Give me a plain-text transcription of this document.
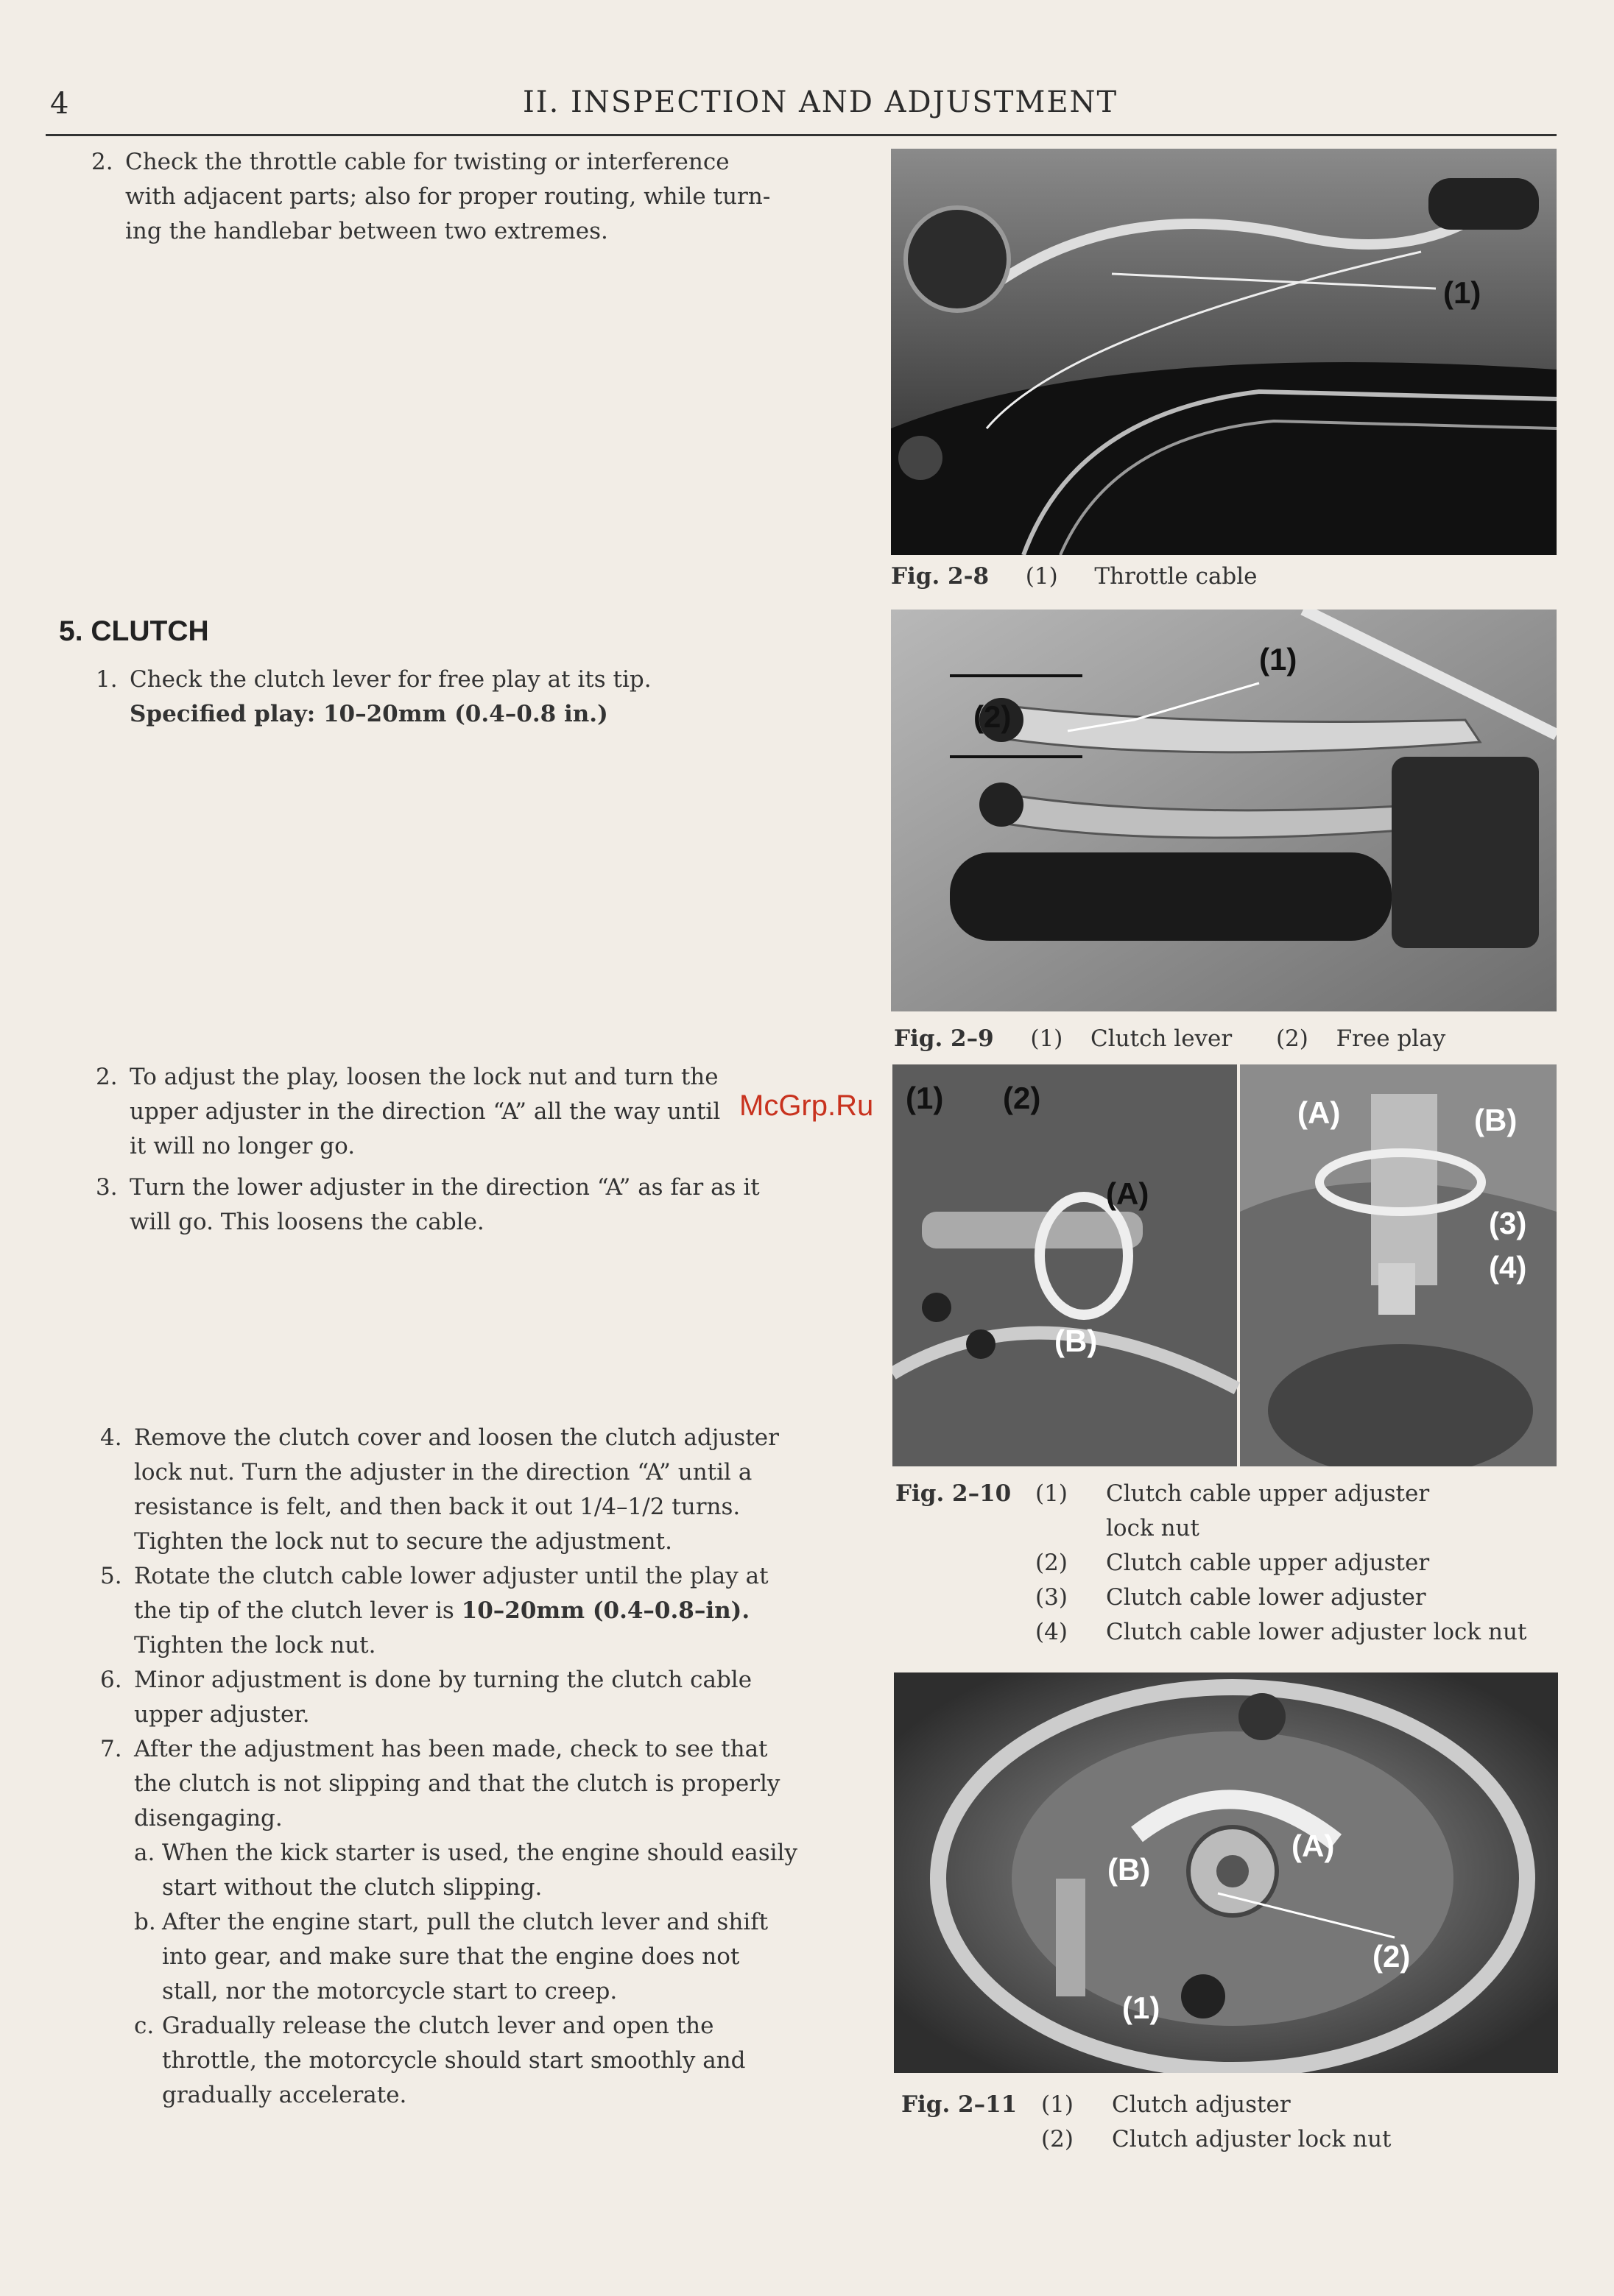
4	II. INSPECTION AND ADJUSTMENT
2. Check the throttle cable for twisting or interference
with adjacent parts; also for proper routing, while turn-
ing the handlebar between two extremes.
5. CLUTCH
1. Check the clutch lever for free play at its tip.
Specified play: 10–20mm (0.4–0.8 in.)
2. To adjust the play, loosen the lock nut and turn the
upper adjuster in the direction “A” all the way until
it will no longer go.
3. Turn the lower adjuster in the direction “A” as far as it
will go. This loosens the cable.
4. Remove the clutch cover and loosen the clutch adjuster
lock nut. Turn the adjuster in the direction “A” until a
resistance is felt, and then back it out 1/4–1/2 turns.
Tighten the lock nut to secure the adjustment.
5. Rotate the clutch cable lower adjuster until the play at
the tip of the clutch lever is 10–20mm (0.4–0.8–in).
Tighten the lock nut.
6. Minor adjustment is done by turning the clutch cable
upper adjuster.
7. After the adjustment has been made, check to see that
the clutch is not slipping and that the clutch is properly
disengaging.
a. When the kick starter is used, the engine should easily
start without the clutch slipping.
b. After the engine start, pull the clutch lever and shift
into gear, and make sure that the engine does not
stall, nor the motorcycle start to creep.
c. Gradually release the clutch lever and open the
throttle, the motorcycle should start smoothly and
gradually accelerate.
McGrp.Ru
(1)
Fig. 2-8 (1) Throttle cable
(1)
(2)
Fig. 2–9 (1) Clutch lever (2) Free play
(1) (2)
(A)
(B)
(A)	(B)
(3)
(4)
Fig. 2–10	(1)	Clutch cable upper adjuster
lock nut
(2)	Clutch cable upper adjuster
(3)	Clutch cable lower adjuster
(4)	Clutch cable lower adjuster lock nut
(A)
(B)
(1)
(2)
Fig. 2–11	(1)	Clutch adjuster
(2)	Clutch adjuster lock nut
